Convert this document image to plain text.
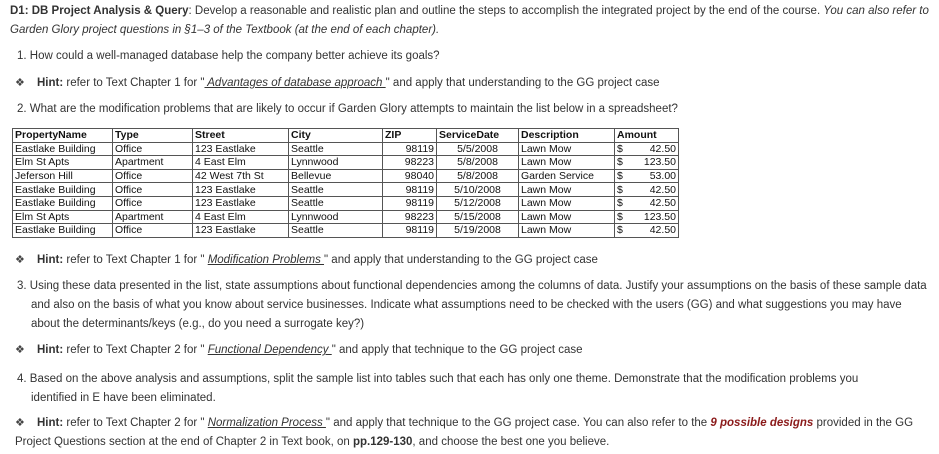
D1: DB Project Analysis & Query: Develop a reasonable and realistic plan and outline the steps to accomplish the integrated project by the end of the course. You can also refer to Garden Glory project questions in §1–3 of the Textbook (at the end of each chapter).
1. How could a well-managed database help the company better achieve its goals?
❖ Hint: refer to Text Chapter 1 for " Advantages of database approach " and apply that understanding to the GG project case
2. What are the modification problems that are likely to occur if Garden Glory attempts to maintain the list below in a spreadsheet?
PropertyName	Type	Street	City	ZIP	ServiceDate	Description	Amount
Eastlake Building	Office	123 Eastlake	Seattle	98119	5/5/2008	Lawn Mow	$ 42.50

Elm St Apts	Apartment	4 East Elm	Lynnwood	98223	5/8/2008	Lawn Mow	$ 123.50

Jeferson Hill	Office	42 West 7th St	Bellevue	98040	5/8/2008	Garden Service	$ 53.00

Eastlake Building	Office	123 Eastlake	Seattle	98119	5/10/2008	Lawn Mow	$ 42.50

Eastlake Building	Office	123 Eastlake	Seattle	98119	5/12/2008	Lawn Mow	$ 42.50

Elm St Apts	Apartment	4 East Elm	Lynnwood	98223	5/15/2008	Lawn Mow	$ 123.50

Eastlake Building	Office	123 Eastlake	Seattle	98119	5/19/2008	Lawn Mow	$ 42.50
❖ Hint: refer to Text Chapter 1 for " Modification Problems " and apply that understanding to the GG project case
3. Using these data presented in the list, state assumptions about functional dependencies among the columns of data. Justify your assumptions on the basis of these sample data and also on the basis of what you know about service businesses. Indicate what assumptions need to be checked with the users (GG) and what suggestions you may have about the determinants/keys (e.g., do you need a surrogate key?)
❖ Hint: refer to Text Chapter 2 for " Functional Dependency " and apply that technique to the GG project case
4. Based on the above analysis and assumptions, split the sample list into tables such that each has only one theme. Demonstrate that the modification problems you identified in E have been eliminated.
❖ Hint: refer to Text Chapter 2 for " Normalization Process " and apply that technique to the GG project case. You can also refer to the 9 possible designs provided in the GG Project Questions section at the end of Chapter 2 in Text book, on pp.129-130, and choose the best one you believe.
